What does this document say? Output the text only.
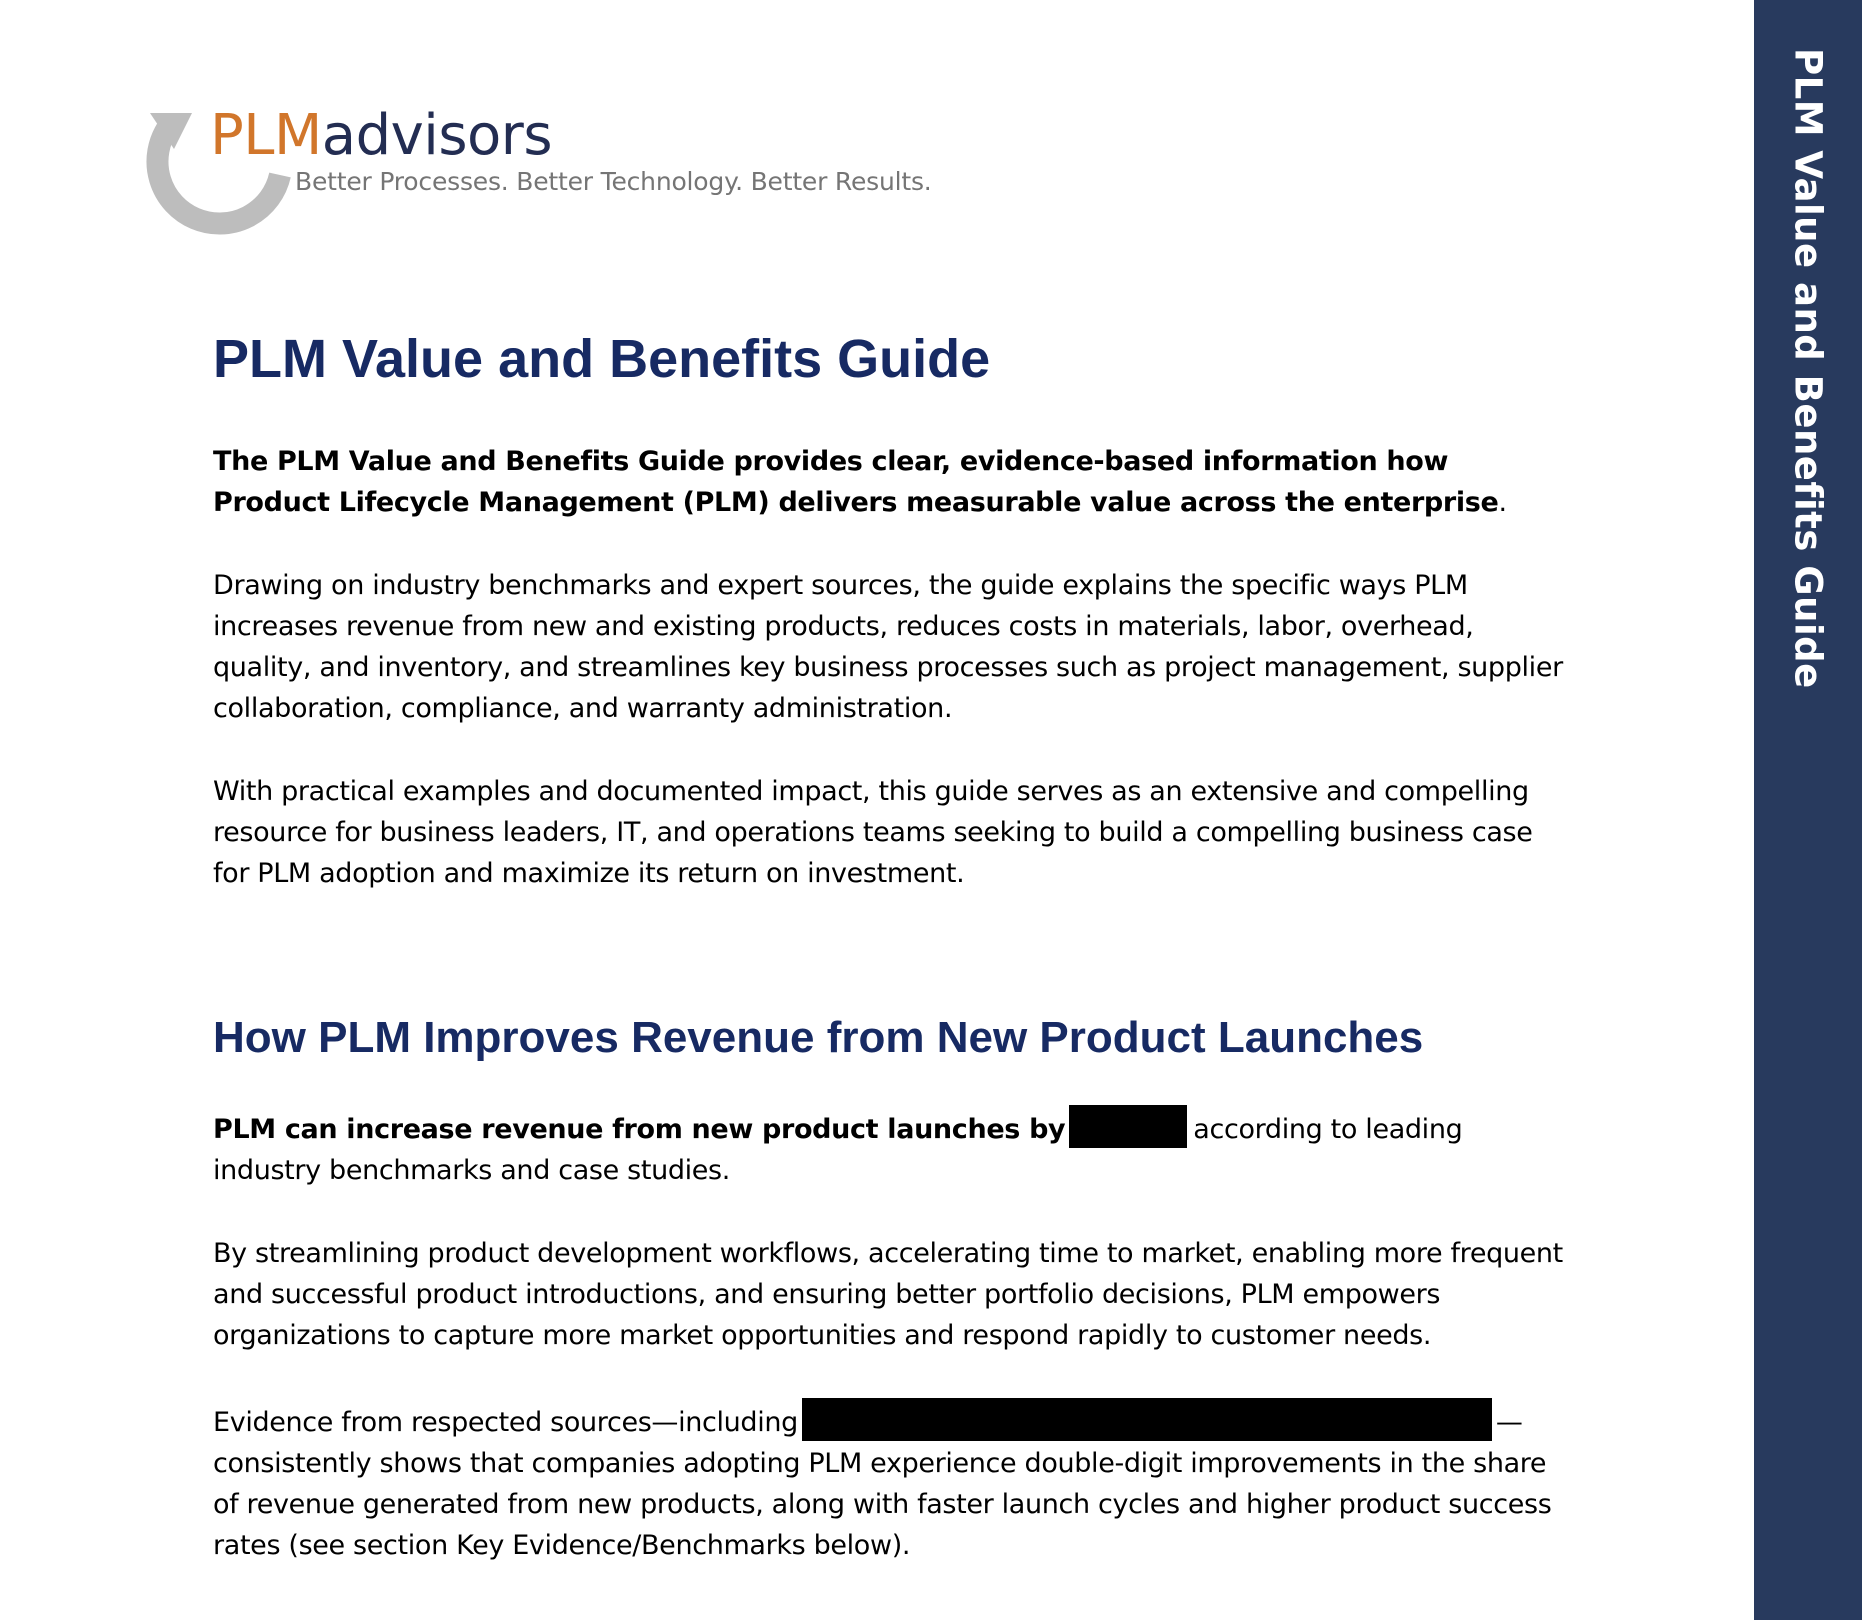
PLM Value and Benefits Guide
PLMadvisors
Better Processes. Better Technology. Better Results.
PLM Value and Benefits Guide

The PLM Value and Benefits Guide provides clear, evidence-based information how Product Lifecycle Management (PLM) delivers measurable value across the enterprise.

Drawing on industry benchmarks and expert sources, the guide explains the specific ways PLM increases revenue from new and existing products, reduces costs in materials, labor, overhead, quality, and inventory, and streamlines key business processes such as project management, supplier collaboration, compliance, and warranty administration.

With practical examples and documented impact, this guide serves as an extensive and compelling resource for business leaders, IT, and operations teams seeking to build a compelling business case for PLM adoption and maximize its return on investment.

How PLM Improves Revenue from New Product Launches

PLM can increase revenue from new product launches by	according to leading industry benchmarks and case studies.

By streamlining product development workflows, accelerating time to market, enabling more frequent and successful product introductions, and ensuring better portfolio decisions, PLM empowers organizations to capture more market opportunities and respond rapidly to customer needs.

Evidence from respected sources—including	— consistently shows that companies adopting PLM experience double-digit improvements in the share of revenue generated from new products, along with faster launch cycles and higher product success rates (see section Key Evidence/Benchmarks below).
